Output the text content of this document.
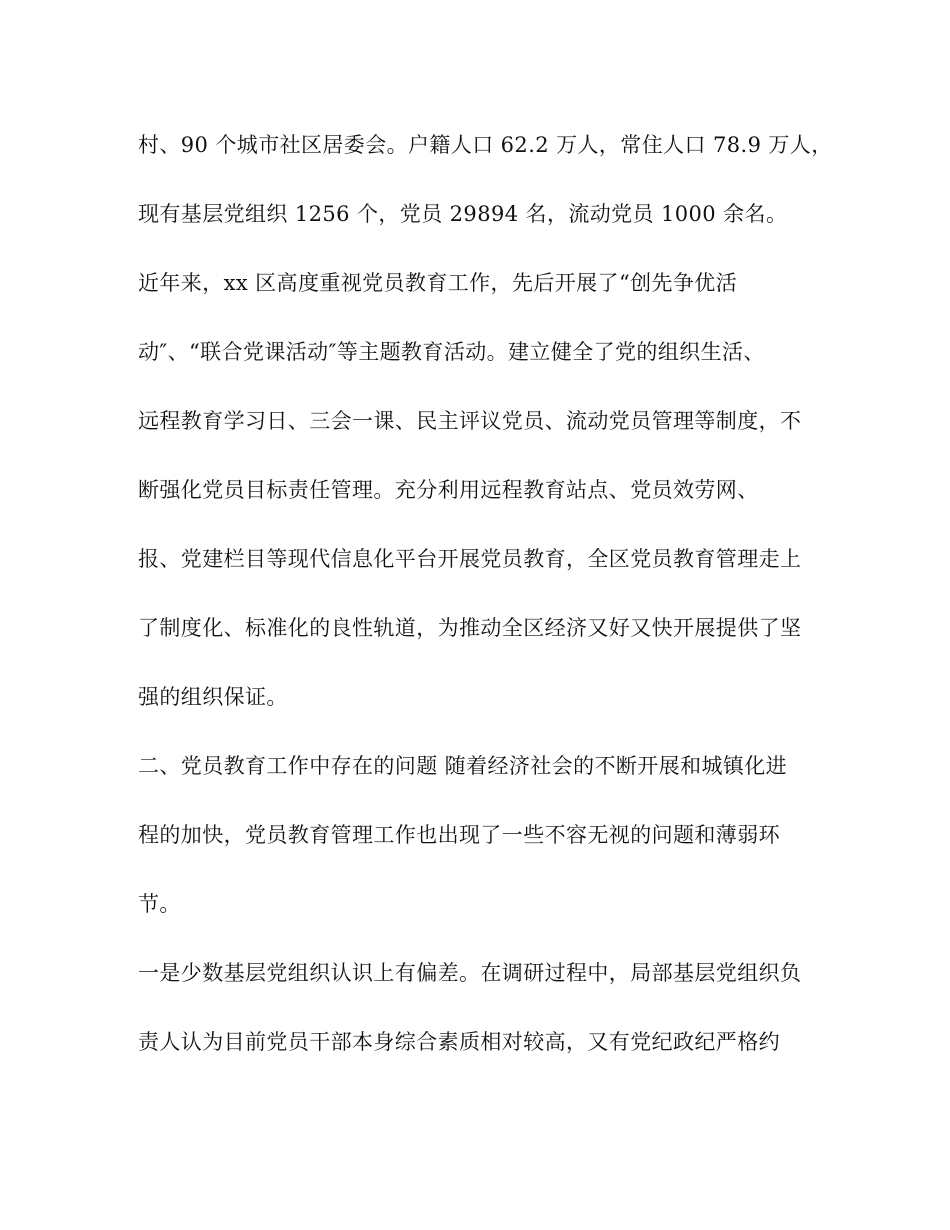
村、90 个城市社区居委会。户籍人口 62.2 万人，常住人口 78.9 万人，
现有基层党组织 1256 个，党员 29894 名，流动党员 1000 余名。
近年来，xx 区高度重视党员教育工作，先后开展了“创先争优活
动″、“联合党课活动″等主题教育活动。建立健全了党的组织生活、
远程教育学习日、三会一课、民主评议党员、流动党员管理等制度，不
断强化党员目标责任管理。充分利用远程教育站点、党员效劳网、
报、党建栏目等现代信息化平台开展党员教育，全区党员教育管理走上
了制度化、标准化的良性轨道，为推动全区经济又好又快开展提供了坚
强的组织保证。
二、党员教育工作中存在的问题 随着经济社会的不断开展和城镇化进
程的加快，党员教育管理工作也出现了一些不容无视的问题和薄弱环
节。
一是少数基层党组织认识上有偏差。在调研过程中，局部基层党组织负
责人认为目前党员干部本身综合素质相对较高，又有党纪政纪严格约
